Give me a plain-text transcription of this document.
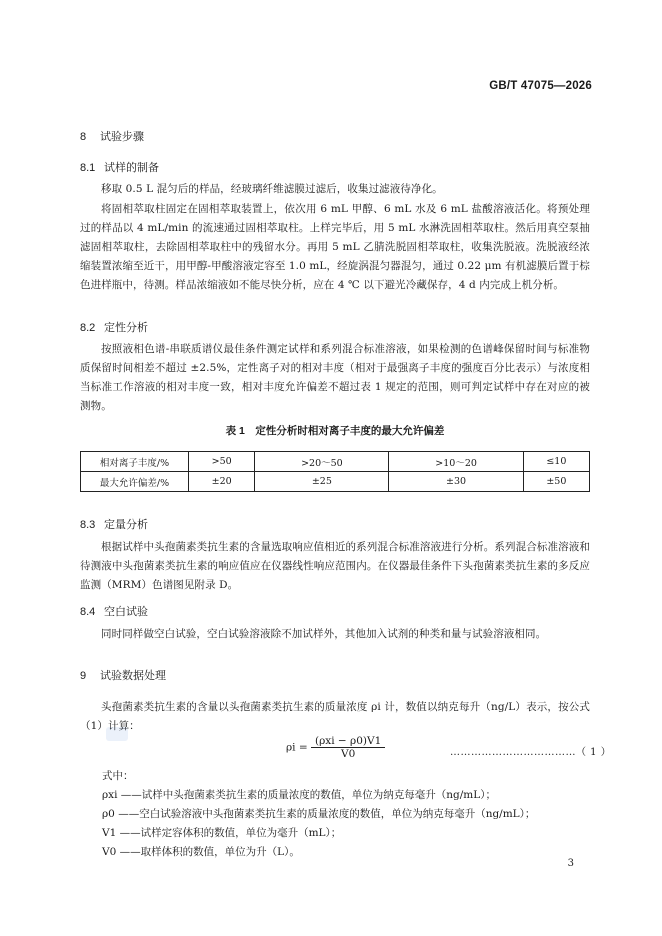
GB/T 47075—2026
8 试验步骤
8.1 试样的制备
移取 0.5 L 混匀后的样品，经玻璃纤维滤膜过滤后，收集过滤液待净化。
将固相萃取柱固定在固相萃取装置上，依次用 6 mL 甲醇、6 mL 水及 6 mL 盐酸溶液活化。将预处理过的样品以 4 mL/min 的流速通过固相萃取柱。上样完毕后，用 5 mL 水淋洗固相萃取柱。然后用真空泵抽滤固相萃取柱，去除固相萃取柱中的残留水分。再用 5 mL 乙腈洗脱固相萃取柱，收集洗脱液。洗脱液经浓缩装置浓缩至近干，用甲醇-甲酸溶液定容至 1.0 mL，经旋涡混匀器混匀，通过 0.22 μm 有机滤膜后置于棕色进样瓶中，待测。样品浓缩液如不能尽快分析，应在 4 ℃ 以下避光冷藏保存，4 d 内完成上机分析。
8.2 定性分析
按照液相色谱-串联质谱仪最佳条件测定试样和系列混合标准溶液，如果检测的色谱峰保留时间与标准物质保留时间相差不超过 ±2.5%，定性离子对的相对丰度（相对于最强离子丰度的强度百分比表示）与浓度相当标准工作溶液的相对丰度一致，相对丰度允许偏差不超过表 1 规定的范围，则可判定试样中存在对应的被测物。
表 1　定性分析时相对离子丰度的最大允许偏差
相对离子丰度/%	>50	>20～50	>10～20	≤10
最大允许偏差/%	±20	±25	±30	±50
8.3 定量分析
根据试样中头孢菌素类抗生素的含量选取响应值相近的系列混合标准溶液进行分析。系列混合标准溶液和待测液中头孢菌素类抗生素的响应值应在仪器线性响应范围内。在仪器最佳条件下头孢菌素类抗生素的多反应监测（MRM）色谱图见附录 D。
8.4 空白试验
同时同样做空白试验，空白试验溶液除不加试样外，其他加入试剂的种类和量与试验溶液相同。
9 试验数据处理
头孢菌素类抗生素的含量以头孢菌素类抗生素的质量浓度 ρi 计，数值以纳克每升（ng/L）表示，按公式（1）计算：
$\rho i = \frac{\text{(ρxi − ρ0)V1}}{V0}$	………………………………（ 1 ）
式中：
ρxi ——试样中头孢菌素类抗生素的质量浓度的数值，单位为纳克每毫升（ng/mL）；
ρ0 ——空白试验溶液中头孢菌素类抗生素的质量浓度的数值，单位为纳克每毫升（ng/mL）；
V1 ——试样定容体积的数值，单位为毫升（mL）；
V0 ——取样体积的数值，单位为升（L）。
3
